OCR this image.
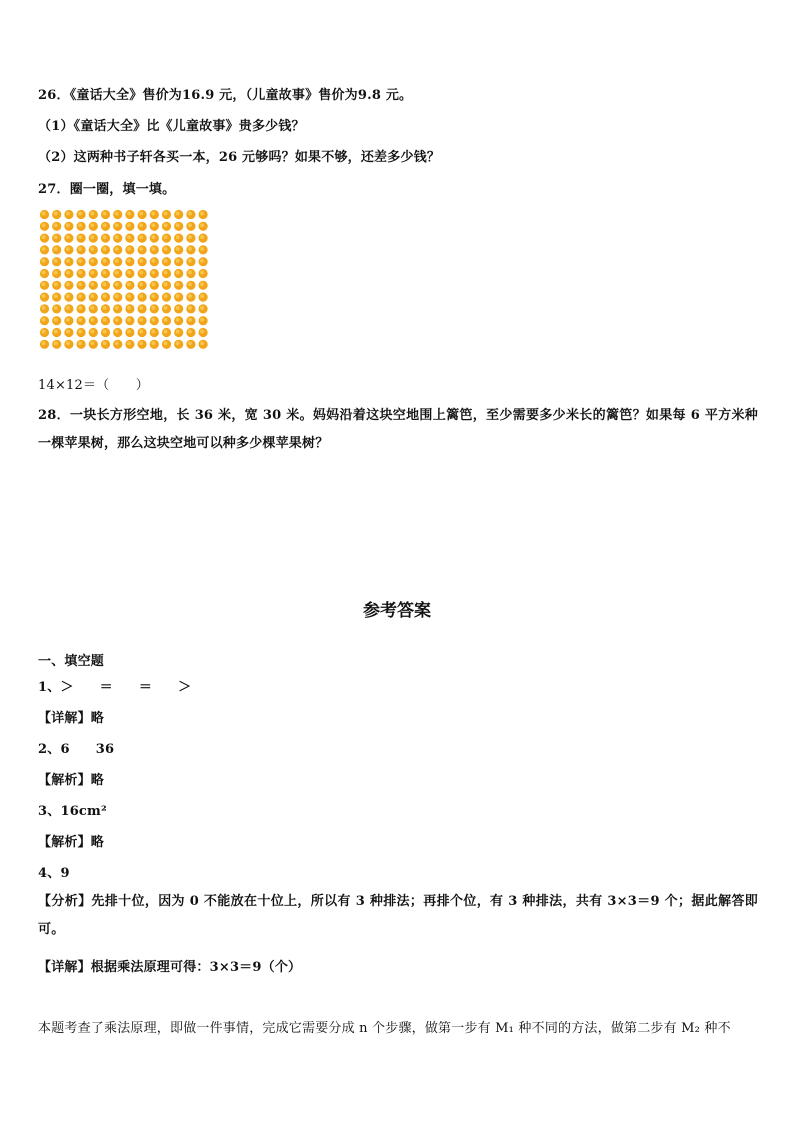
26．《童话大全》售价为16.9 元，（儿童故事》售价为9.8 元。
（1）《童话大全》比《儿童故事》贵多少钱？
（2）这两种书子轩各买一本，26 元够吗？如果不够，还差多少钱？
27．圈一圈，填一填。
14×12＝（　　）
28．一块长方形空地，长 36 米，宽 30 米。妈妈沿着这块空地围上篱笆，至少需要多少米长的篱笆？如果每 6 平方米种一棵苹果树，那么这块空地可以种多少棵苹果树？
参考答案
一、填空题
1、＞ ＝ ＝ ＞
【详解】略
2、6 36
【解析】略
3、16cm²
【解析】略
4、9
【分析】先排十位，因为 0 不能放在十位上，所以有 3 种排法；再排个位，有 3 种排法，共有 3×3＝9 个；据此解答即可。
【详解】根据乘法原理可得：3×3＝9（个）
本题考查了乘法原理，即做一件事情，完成它需要分成 n 个步骤，做第一步有 M₁ 种不同的方法，做第二步有 M₂ 种不
